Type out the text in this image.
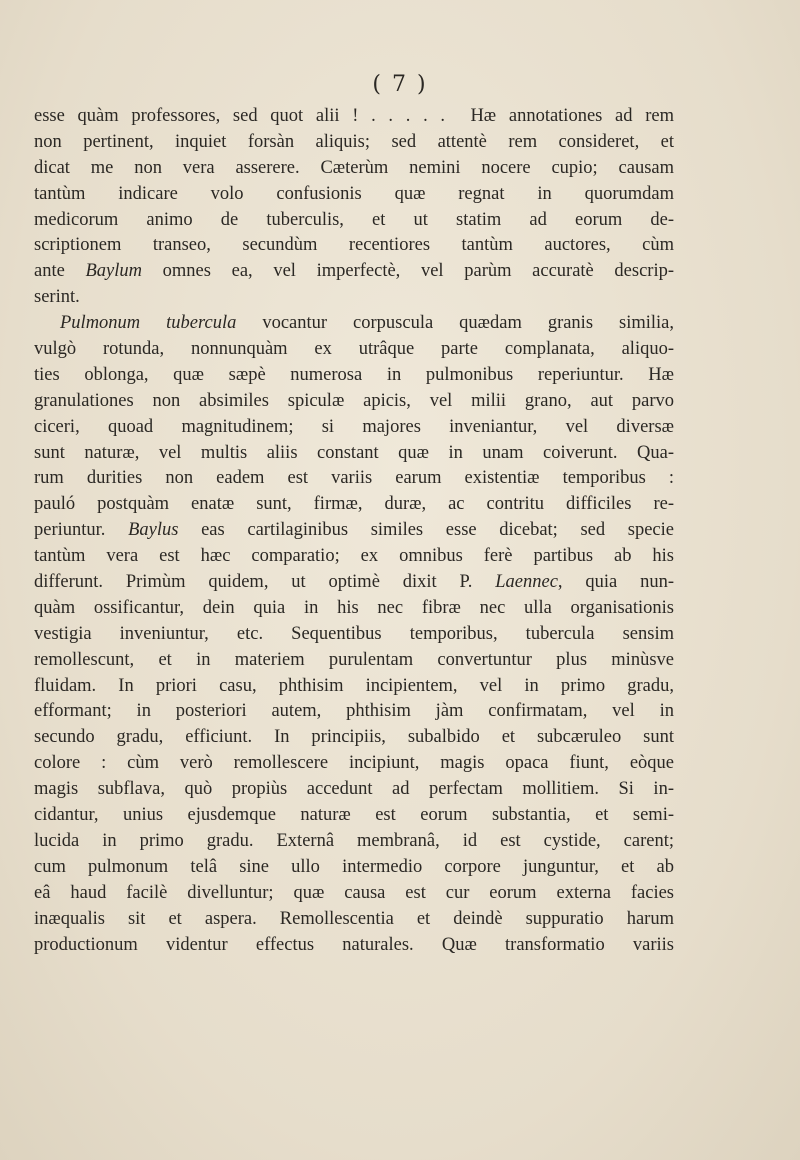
( 7 )
esse quàm professores, sed quot alii ! . . . . .  Hæ annotationes ad rem
non pertinent, inquiet forsàn aliquis; sed attentè rem consideret, et
dicat me non vera asserere. Cæterùm nemini nocere cupio; causam
tantùm indicare volo confusionis quæ regnat in quorumdam
medicorum animo de tuberculis, et ut statim ad eorum de-
scriptionem transeo, secundùm recentiores tantùm auctores, cùm
ante Baylum omnes ea, vel imperfectè, vel parùm accuratè descrip-
serint.
Pulmonum tubercula vocantur corpuscula quædam granis similia,
vulgò rotunda, nonnunquàm ex utrâque parte complanata, aliquo-
ties oblonga, quæ sæpè numerosa in pulmonibus reperiuntur. Hæ
granulationes non absimiles spiculæ apicis, vel milii grano, aut parvo
ciceri, quoad magnitudinem; si majores inveniantur, vel diversæ
sunt naturæ, vel multis aliis constant quæ in unam coiverunt. Qua-
rum durities non eadem est variis earum existentiæ temporibus :
pauló postquàm enatæ sunt, firmæ, duræ, ac contritu difficiles re-
periuntur. Baylus eas cartilaginibus similes esse dicebat; sed specie
tantùm vera est hæc comparatio; ex omnibus ferè partibus ab his
differunt. Primùm quidem, ut optimè dixit P. Laennec, quia nun-
quàm ossificantur, dein quia in his nec fibræ nec ulla organisationis
vestigia inveniuntur, etc. Sequentibus temporibus, tubercula sensim
remollescunt, et in materiem purulentam convertuntur plus minùsve
fluidam. In priori casu, phthisim incipientem, vel in primo gradu,
efformant; in posteriori autem, phthisim jàm confirmatam, vel in
secundo gradu, efficiunt. In principiis, subalbido et subcæruleo sunt
colore : cùm verò remollescere incipiunt, magis opaca fiunt, eòque
magis subflava, quò propiùs accedunt ad perfectam mollitiem. Si in-
cidantur, unius ejusdemque naturæ est eorum substantia, et semi-
lucida in primo gradu. Externâ membranâ, id est cystide, carent;
cum pulmonum telâ sine ullo intermedio corpore junguntur, et ab
eâ haud facilè divelluntur; quæ causa est cur eorum externa facies
inæqualis sit et aspera. Remollescentia et deindè suppuratio harum
productionum videntur effectus naturales. Quæ transformatio variis
